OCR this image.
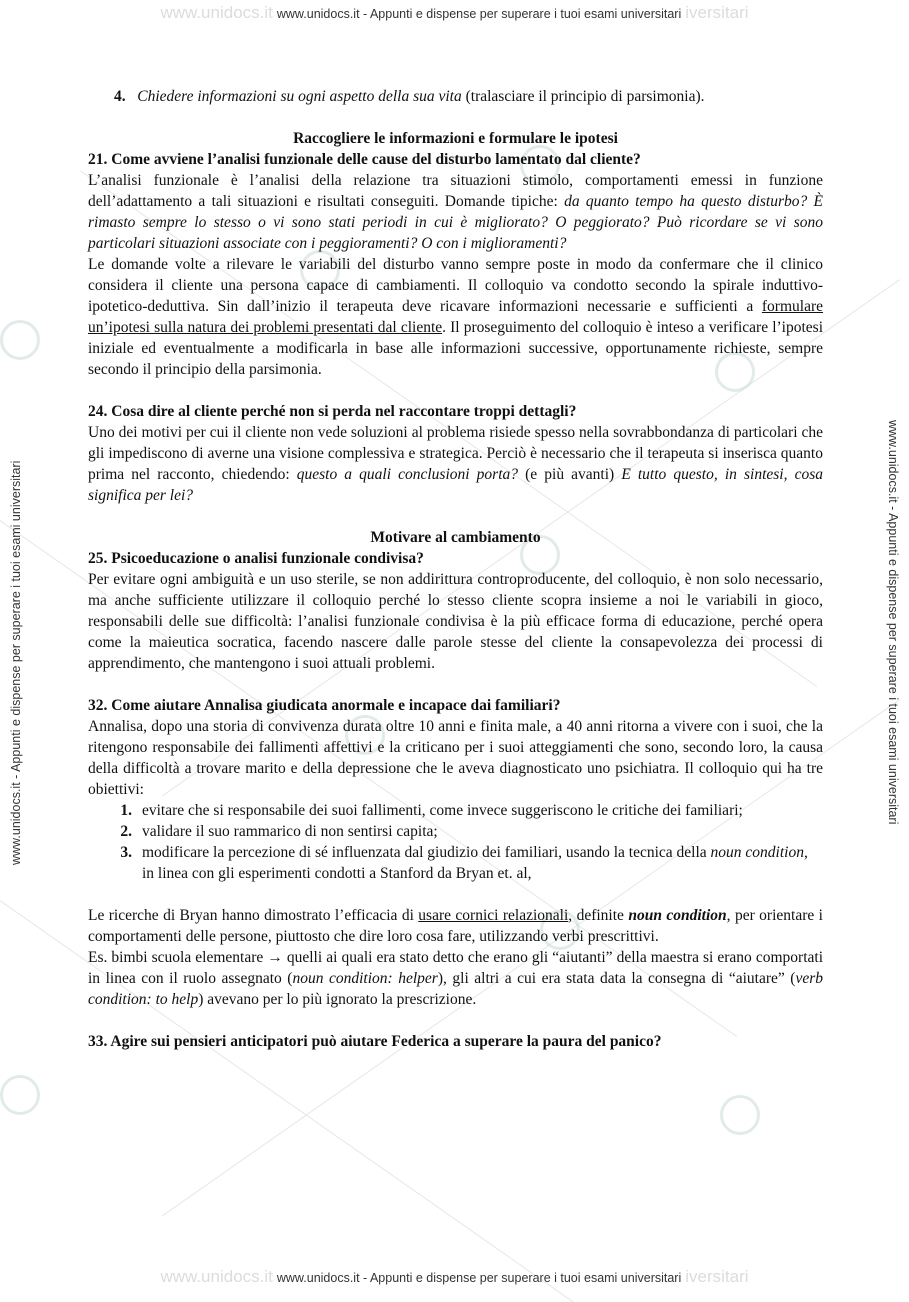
www.unidocs.it www.unidocs.it - Appunti e dispense per superare i tuoi esami universitari iversitari
www.unidocs.it - Appunti e dispense per superare i tuoi esami universitari	www.unidocs.it - Appunti e dispense per superare i tuoi esami universitari

4. Chiedere informazioni su ogni aspetto della sua vita (tralasciare il principio di parsimonia).

Raccogliere le informazioni e formulare le ipotesi

21. Come avviene l’analisi funzionale delle cause del disturbo lamentato dal cliente?

L’analisi funzionale è l’analisi della relazione tra situazioni stimolo, comportamenti emessi in funzione dell’adattamento a tali situazioni e risultati conseguiti. Domande tipiche: da quanto tempo ha questo disturbo? È rimasto sempre lo stesso o vi sono stati periodi in cui è migliorato? O peggiorato? Può ricordare se vi sono particolari situazioni associate con i peggioramenti? O con i miglioramenti?

Le domande volte a rilevare le variabili del disturbo vanno sempre poste in modo da confermare che il clinico considera il cliente una persona capace di cambiamenti. Il colloquio va condotto secondo la spirale induttivo-ipotetico-deduttiva. Sin dall’inizio il terapeuta deve ricavare informazioni necessarie e sufficienti a formulare un’ipotesi sulla natura dei problemi presentati dal cliente. Il proseguimento del colloquio è inteso a verificare l’ipotesi iniziale ed eventualmente a modificarla in base alle informazioni successive, opportunamente richieste, sempre secondo il principio della parsimonia.

24. Cosa dire al cliente perché non si perda nel raccontare troppi dettagli?

Uno dei motivi per cui il cliente non vede soluzioni al problema risiede spesso nella sovrabbondanza di particolari che gli impediscono di averne una visione complessiva e strategica. Perciò è necessario che il terapeuta si inserisca quanto prima nel racconto, chiedendo: questo a quali conclusioni porta? (e più avanti) E tutto questo, in sintesi, cosa significa per lei?

Motivare al cambiamento

25. Psicoeducazione o analisi funzionale condivisa?

Per evitare ogni ambiguità e un uso sterile, se non addirittura controproducente, del colloquio, è non solo necessario, ma anche sufficiente utilizzare il colloquio perché lo stesso cliente scopra insieme a noi le variabili in gioco, responsabili delle sue difficoltà: l’analisi funzionale condivisa è la più efficace forma di educazione, perché opera come la maieutica socratica, facendo nascere dalle parole stesse del cliente la consapevolezza dei processi di apprendimento, che mantengono i suoi attuali problemi.

32. Come aiutare Annalisa giudicata anormale e incapace dai familiari?

Annalisa, dopo una storia di convivenza durata oltre 10 anni e finita male, a 40 anni ritorna a vivere con i suoi, che la ritengono responsabile dei fallimenti affettivi e la criticano per i suoi atteggiamenti che sono, secondo loro, la causa della difficoltà a trovare marito e della depressione che le aveva diagnosticato uno psichiatra. Il colloquio qui ha tre obiettivi:

1. evitare che si responsabile dei suoi fallimenti, come invece suggeriscono le critiche dei familiari;
2. validare il suo rammarico di non sentirsi capita;
3. modificare la percezione di sé influenzata dal giudizio dei familiari, usando la tecnica della noun condition, in linea con gli esperimenti condotti a Stanford da Bryan et. al,

Le ricerche di Bryan hanno dimostrato l’efficacia di usare cornici relazionali, definite noun condition, per orientare i comportamenti delle persone, piuttosto che dire loro cosa fare, utilizzando verbi prescrittivi.

Es. bimbi scuola elementare → quelli ai quali era stato detto che erano gli “aiutanti” della maestra si erano comportati in linea con il ruolo assegnato (noun condition: helper), gli altri a cui era stata data la consegna di “aiutare” (verb condition: to help) avevano per lo più ignorato la prescrizione.

33. Agire sui pensieri anticipatori può aiutare Federica a superare la paura del panico?

www.unidocs.it www.unidocs.it - Appunti e dispense per superare i tuoi esami universitari iversitari
